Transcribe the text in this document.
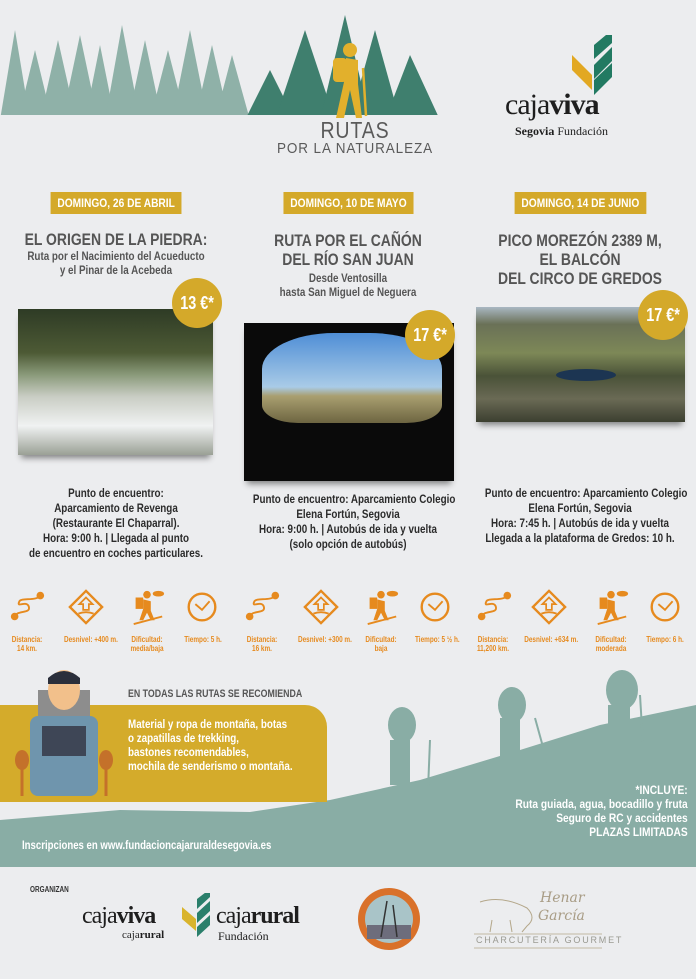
RUTAS
POR LA NATURALEZA
cajaviva
Segovia Fundación
DOMINGO, 26 DE ABRIL
EL ORIGEN DE LA PIEDRA:
Ruta por el Nacimiento del Acueducto
y el Pinar de la Acebeda
13 €*
Punto de encuentro:
Aparcamiento de Revenga
(Restaurante El Chaparral).
Hora: 9:00 h. | Llegada al punto
de encuentro en coches particulares.
DOMINGO, 10 DE MAYO
RUTA POR EL CAÑÓN
DEL RÍO SAN JUAN
Desde Ventosilla
hasta San Miguel de Neguera
17 €*
Punto de encuentro: Aparcamiento Colegio
Elena Fortún, Segovia
Hora: 9:00 h. | Autobús de ida y vuelta
(solo opción de autobús)
DOMINGO, 14 DE JUNIO
PICO MOREZÓN 2389 M,
EL BALCÓN
DEL CIRCO DE GREDOS
17 €*
Punto de encuentro: Aparcamiento Colegio
Elena Fortún, Segovia
Hora: 7:45 h. | Autobús de ida y vuelta
Llegada a la plataforma de Gredos: 10 h.
Distancia:
14 km.
Desnivel: +400 m.	Dificultad:
media/baja
Tiempo: 5 h.	Distancia:
16 km.
Desnivel: +300 m.	Dificultad:
baja
Tiempo: 5 ½ h.	Distancia:
11,200 km.
Desnivel: +634 m.	Dificultad:
moderada
Tiempo: 6 h.
EN TODAS LAS RUTAS SE RECOMIENDA
Material y ropa de montaña, botas
o zapatillas de trekking,
bastones recomendables,
mochila de senderismo o montaña.
*INCLUYE:
Ruta guiada, agua, bocadillo y fruta
Seguro de RC y accidentes
PLAZAS LIMITADAS
Inscripciones en www.fundacioncajaruraldesegovia.es
ORGANIZAN
cajaviva
cajarural
cajarural
Fundación
Henar
García
CHARCUTERÍA GOURMET
